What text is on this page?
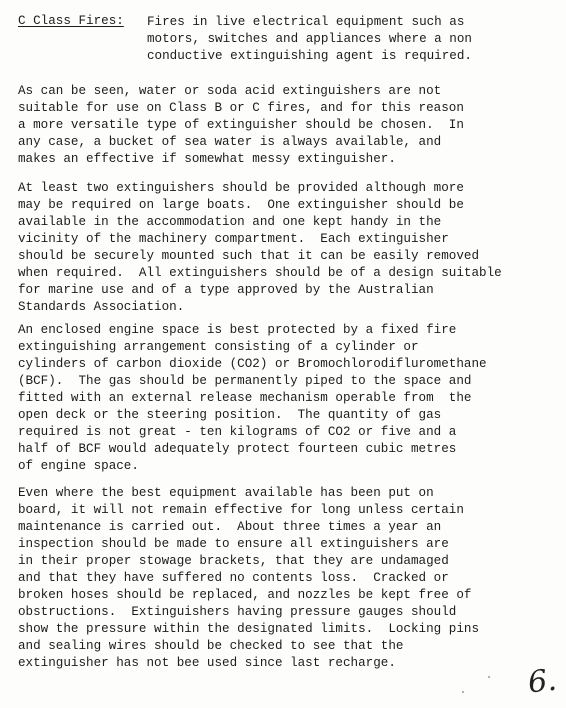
C Class Fires: Fires in live electrical equipment such as
motors, switches and appliances where a non
conductive extinguishing agent is required.
As can be seen, water or soda acid extinguishers are not
suitable for use on Class B or C fires, and for this reason
a more versatile type of extinguisher should be chosen.  In
any case, a bucket of sea water is always available, and
makes an effective if somewhat messy extinguisher.
At least two extinguishers should be provided although more
may be required on large boats.  One extinguisher should be
available in the accommodation and one kept handy in the
vicinity of the machinery compartment.  Each extinguisher
should be securely mounted such that it can be easily removed
when required.  All extinguishers should be of a design suitable
for marine use and of a type approved by the Australian
Standards Association.
An enclosed engine space is best protected by a fixed fire
extinguishing arrangement consisting of a cylinder or
cylinders of carbon dioxide (CO2) or Bromochlorodifluromethane
(BCF).  The gas should be permanently piped to the space and
fitted with an external release mechanism operable from  the
open deck or the steering position.  The quantity of gas
required is not great - ten kilograms of CO2 or five and a
half of BCF would adequately protect fourteen cubic metres
of engine space.
Even where the best equipment available has been put on
board, it will not remain effective for long unless certain
maintenance is carried out.  About three times a year an
inspection should be made to ensure all extinguishers are
in their proper stowage brackets, that they are undamaged
and that they have suffered no contents loss.  Cracked or
broken hoses should be replaced, and nozzles be kept free of
obstructions.  Extinguishers having pressure gauges should
show the pressure within the designated limits.  Locking pins
and sealing wires should be checked to see that the
extinguisher has not bee used since last recharge.	6.
